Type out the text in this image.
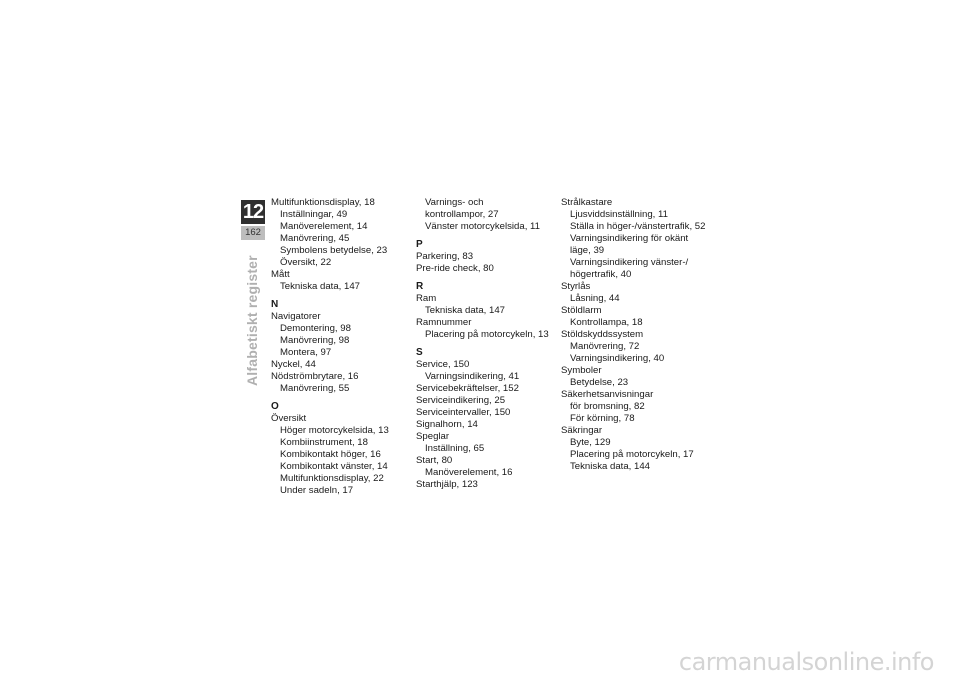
12
162
Alfabetiskt register
Multifunktionsdisplay, 18
Inställningar, 49
Manöverelement, 14
Manövrering, 45
Symbolens betydelse, 23
Översikt, 22
Mått
Tekniska data, 147
N
Navigatorer
Demontering, 98
Manövrering, 98
Montera, 97
Nyckel, 44
Nödströmbrytare, 16
Manövrering, 55
O
Översikt
Höger motorcykelsida, 13
Kombiinstrument, 18
Kombikontakt höger, 16
Kombikontakt vänster, 14
Multifunktionsdisplay, 22
Under sadeln, 17
Varnings- och
kontrollampor, 27
Vänster motorcykelsida, 11
P
Parkering, 83
Pre-ride check, 80
R
Ram
Tekniska data, 147
Ramnummer
Placering på motorcykeln, 13
S
Service, 150
Varningsindikering, 41
Servicebekräftelser, 152
Serviceindikering, 25
Serviceintervaller, 150
Signalhorn, 14
Speglar
Inställning, 65
Start, 80
Manöverelement, 16
Starthjälp, 123
Strålkastare
Ljusviddsinställning, 11
Ställa in höger-/vänstertrafik, 52
Varningsindikering för okänt
läge, 39
Varningsindikering vänster-/
högertrafik, 40
Styrlås
Låsning, 44
Stöldlarm
Kontrollampa, 18
Stöldskyddssystem
Manövrering, 72
Varningsindikering, 40
Symboler
Betydelse, 23
Säkerhetsanvisningar
för bromsning, 82
För körning, 78
Säkringar
Byte, 129
Placering på motorcykeln, 17
Tekniska data, 144
carmanualsonline.info
